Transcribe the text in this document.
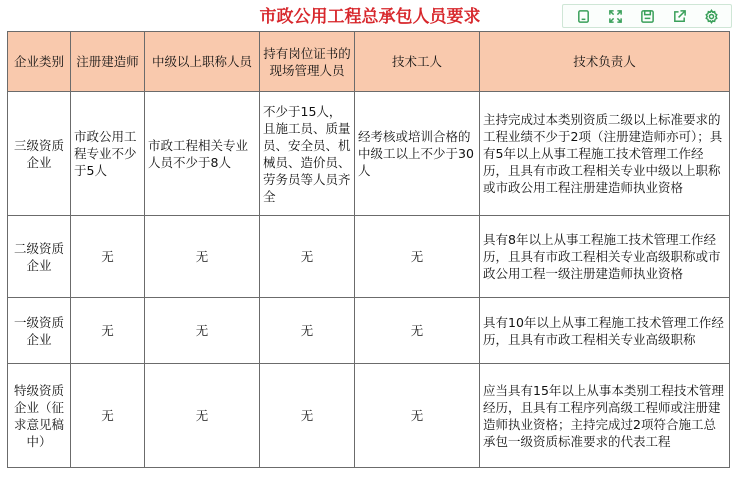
市政公用工程总承包人员要求
企业类别	注册建造师	中级以上职称人员	持有岗位证书的现场管理人员	技术工人	技术负责人
三级资质企业	市政公用工程专业不少于5人	市政工程相关专业人员不少于8人	不少于15人，且施工员、质量员、安全员、机械员、造价员、劳务员等人员齐全	经考核或培训合格的中级工以上不少于30人	主持完成过本类别资质二级以上标准要求的工程业绩不少于2项（注册建造师亦可）；具有5年以上从事工程施工技术管理工作经历，且具有市政工程相关专业中级以上职称或市政公用工程注册建造师执业资格
二级资质企业	无	无	无	无	具有8年以上从事工程施工技术管理工作经历，且具有市政工程相关专业高级职称或市政公用工程一级注册建造师执业资格
一级资质企业	无	无	无	无	具有10年以上从事工程施工技术管理工作经历，且具有市政工程相关专业高级职称
特级资质企业（征求意见稿中）	无	无	无	无	应当具有15年以上从事本类别工程技术管理经历，且具有工程序列高级工程师或注册建造师执业资格；主持完成过2项符合施工总承包一级资质标准要求的代表工程
